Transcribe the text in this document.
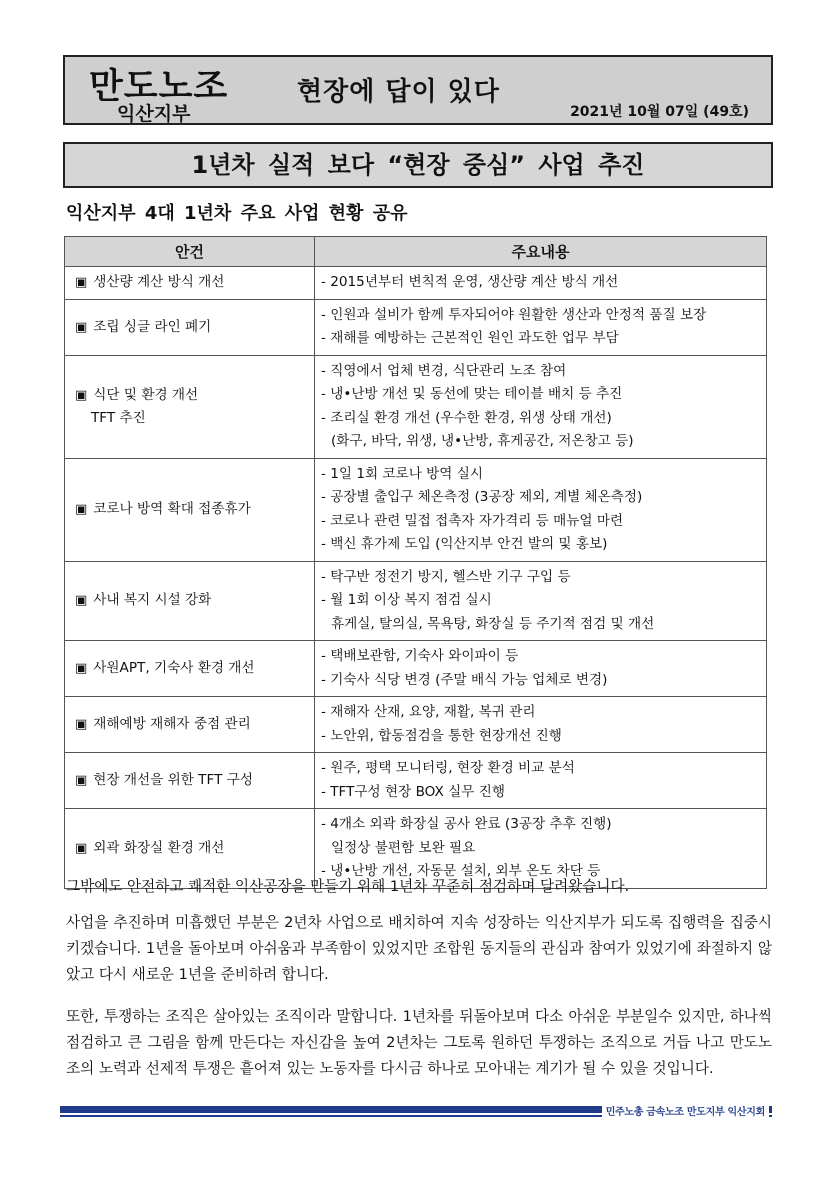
만도노조
익산지부
현장에 답이 있다
2021년 10월 07일 (49호)
1년차 실적 보다 “현장 중심” 사업 추진
익산지부 4대 1년차 주요 사업 현황 공유
안건	주요내용
▣ 생산량 계산 방식 개선	- 2015년부터 변칙적 운영, 생산량 계산 방식 개선

▣ 조립 싱글 라인 폐기	- 인원과 설비가 함께 투자되어야 원활한 생산과 안정적 품질 보장
- 재해를 예방하는 근본적인 원인 과도한 업무 부담

▣ 식단 및 환경 개선
TFT 추진	- 직영에서 업체 변경, 식단관리 노조 참여
- 냉•난방 개선 및 동선에 맞는 테이블 배치 등 추진
- 조리실 환경 개선 (우수한 환경, 위생 상태 개선)
(화구, 바닥, 위생, 냉•난방, 휴게공간, 저온창고 등)

▣ 코로나 방역 확대 접종휴가	- 1일 1회 코로나 방역 실시
- 공장별 출입구 체온측정 (3공장 제외, 계별 체온측정)
- 코로나 관련 밀접 접촉자 자가격리 등 매뉴얼 마련
- 백신 휴가제 도입 (익산지부 안건 발의 및 홍보)

▣ 사내 복지 시설 강화	- 탁구반 정전기 방지, 헬스반 기구 구입 등
- 월 1회 이상 복지 점검 실시
휴게실, 탈의실, 목욕탕, 화장실 등 주기적 점검 및 개선

▣ 사원APT, 기숙사 환경 개선	- 택배보관함, 기숙사 와이파이 등
- 기숙사 식당 변경 (주말 배식 가능 업체로 변경)

▣ 재해예방 재해자 중점 관리	- 재해자 산재, 요양, 재활, 복귀 관리
- 노안위, 합동점검을 통한 현장개선 진행

▣ 현장 개선을 위한 TFT 구성	- 원주, 평택 모니터링, 현장 환경 비교 분석
- TFT구성 현장 BOX 실무 진행

▣ 외곽 화장실 환경 개선	- 4개소 외곽 화장실 공사 완료 (3공장 추후 진행)
일정상 불편함 보완 필요
- 냉•난방 개선, 자동문 설치, 외부 온도 차단 등
그밖에도 안전하고 쾌적한 익산공장을 만들기 위해 1년차 꾸준히 점검하며 달려왔습니다.
사업을 추진하며 미흡했던 부분은 2년차 사업으로 배치하여 지속 성장하는 익산지부가 되도록 집행력을 집중시키겠습니다. 1년을 돌아보며 아쉬움과 부족함이 있었지만 조합원 동지들의 관심과 참여가 있었기에 좌절하지 않았고 다시 새로운 1년을 준비하려 합니다.
또한, 투쟁하는 조직은 살아있는 조직이라 말합니다. 1년차를 뒤돌아보며 다소 아쉬운 부분일수 있지만, 하나씩 점검하고 큰 그림을 함께 만든다는 자신감을 높여 2년차는 그토록 원하던 투쟁하는 조직으로 거듭 나고 만도노조의 노력과 선제적 투쟁은 흩어져 있는 노동자를 다시금 하나로 모아내는 계기가 될 수 있을 것입니다.
민주노총 금속노조 만도지부 익산지회
